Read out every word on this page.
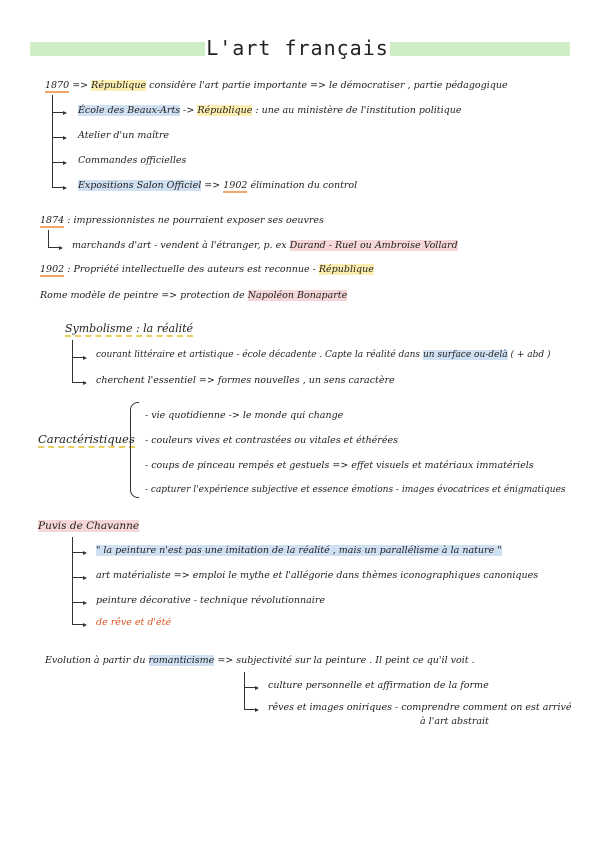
L'art français
1870 => République considère l'art partie importante => le démocratiser , partie pédagogique
École des Beaux-Arts -> République : une au ministère de l'institution politique
Atelier d'un maître
Commandes officielles
Expositions Salon Officiel => 1902 élimination du control
1874 : impressionnistes ne pourraient exposer ses oeuvres
marchands d'art - vendent à l'étranger, p. ex Durand - Ruel ou Ambroise Vollard
1902 : Propriété intellectuelle des auteurs est reconnue - République
Rome modèle de peintre => protection de Napoléon Bonaparte
Symbolisme : la réalité
courant littéraire et artistique - école décadente . Capte la réalité dans un surface ou-delà ( + abd )
cherchent l'essentiel => formes nouvelles , un sens caractère
Caractéristiques
- vie quotidienne -> le monde qui change
- couleurs vives et contrastées ou vitales et éthérées
- coups de pinceau rempés et gestuels => effet visuels et matériaux immatériels
- capturer l'expérience subjective et essence émotions - images évocatrices et énigmatiques
Puvis de Chavanne
" la peinture n'est pas une imitation de la réalité , mais un parallélisme à la nature "
art matérialiste => emploi le mythe et l'allégorie dans thèmes iconographiques canoniques
peinture décorative - technique révolutionnaire
de rêve et d'été
Evolution à partir du romanticisme => subjectivité sur la peinture . Il peint ce qu'il voit .
culture personnelle et affirmation de la forme
rêves et images oniriques - comprendre comment on est arrivé
à l'art abstrait
